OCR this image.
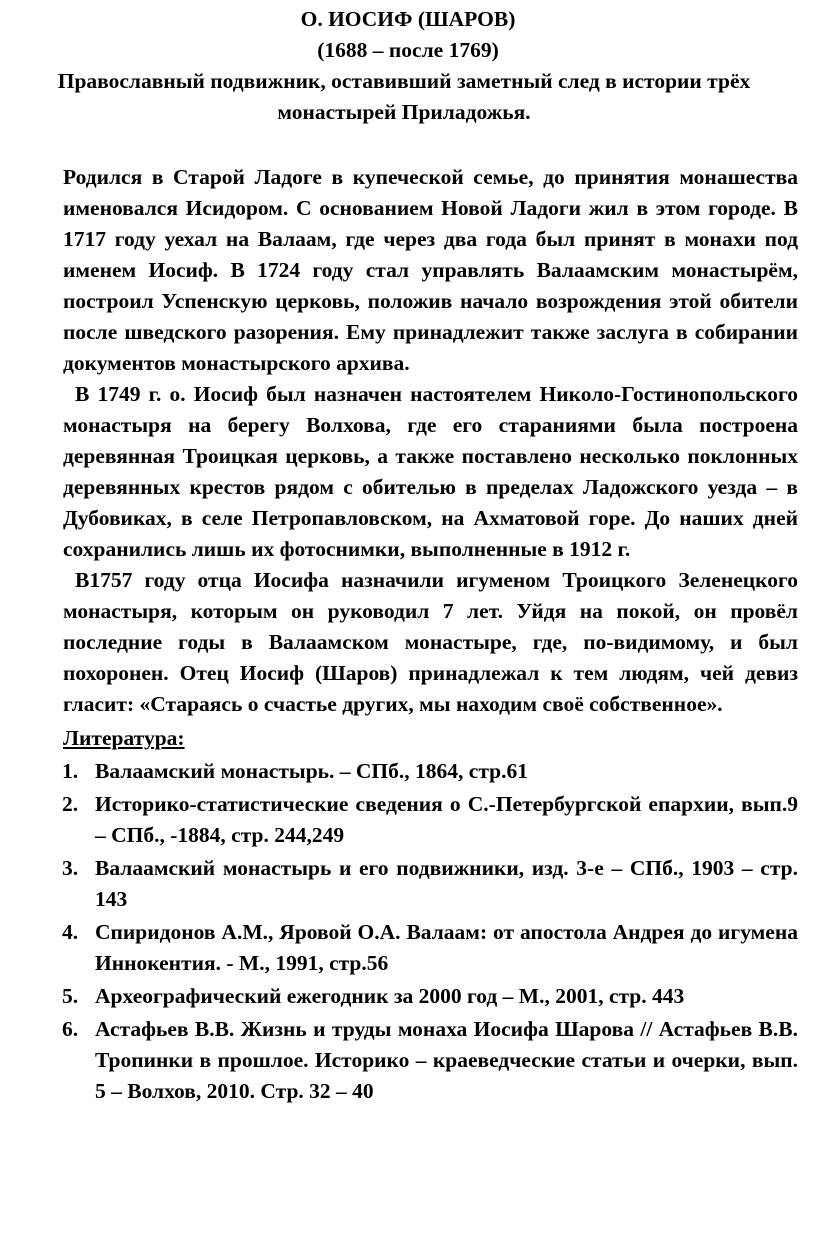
О. ИОСИФ (ШАРОВ)
(1688 – после 1769)
Православный подвижник, оставивший заметный след в истории трёх монастырей Приладожья.

Родился в Старой Ладоге в купеческой семье, до принятия монашества именовался Исидором. С основанием Новой Ладоги жил в этом городе. В 1717 году уехал на Валаам, где через два года был принят в монахи под именем Иосиф. В 1724 году стал управлять Валаамским монастырём, построил Успенскую церковь, положив начало возрождения этой обители после шведского разорения. Ему принадлежит также заслуга в собирании документов монастырского архива.

В 1749 г. о. Иосиф был назначен настоятелем Николо-Гостинопольского монастыря на берегу Волхова, где его стараниями была построена деревянная Троицкая церковь, а также поставлено несколько поклонных деревянных крестов рядом с обителью в пределах Ладожского уезда – в Дубовиках, в селе Петропавловском, на Ахматовой горе. До наших дней сохранились лишь их фотоснимки, выполненные в 1912 г.

В1757 году отца Иосифа назначили игуменом Троицкого Зеленецкого монастыря, которым он руководил 7 лет. Уйдя на покой, он провёл последние годы в Валаамском монастыре, где, по-видимому, и был похоронен. Отец Иосиф (Шаров) принадлежал к тем людям, чей девиз гласит: «Стараясь о счастье других, мы находим своё собственное».

Литература:
1. Валаамский монастырь. – СПб., 1864, стр.61
2. Историко-статистические сведения о С.-Петербургской епархии, вып.9 – СПб., -1884, стр. 244,249
3. Валаамский монастырь и его подвижники, изд. 3-е – СПб., 1903 – стр. 143
4. Спиридонов А.М., Яровой О.А. Валаам: от апостола Андрея до игумена Иннокентия. - М., 1991, стр.56
5. Археографический ежегодник за 2000 год – М., 2001, стр. 443
6. Астафьев В.В. Жизнь и труды монаха Иосифа Шарова // Астафьев В.В. Тропинки в прошлое. Историко – краеведческие статьи и очерки, вып. 5 – Волхов, 2010. Стр. 32 – 40
